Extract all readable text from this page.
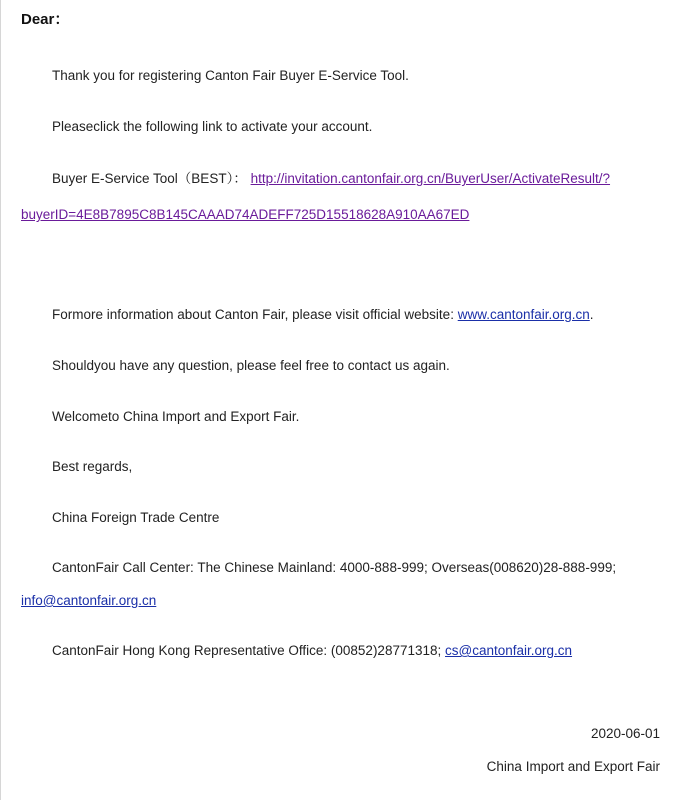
Dear：
Thank you for registering Canton Fair Buyer E-Service Tool.
Pleaseclick the following link to activate your account.
Buyer E-Service Tool（BEST）： http://invitation.cantonfair.org.cn/BuyerUser/ActivateResult/?
buyerID=4E8B7895C8B145CAAAD74ADEFF725D15518628A910AA67ED
Formore information about Canton Fair, please visit official website: www.cantonfair.org.cn.
Shouldyou have any question, please feel free to contact us again.
Welcometo China Import and Export Fair.
Best regards,
China Foreign Trade Centre
CantonFair Call Center: The Chinese Mainland: 4000-888-999; Overseas(008620)28-888-999;
info@cantonfair.org.cn
CantonFair Hong Kong Representative Office: (00852)28771318; cs@cantonfair.org.cn
2020-06-01
China Import and Export Fair
